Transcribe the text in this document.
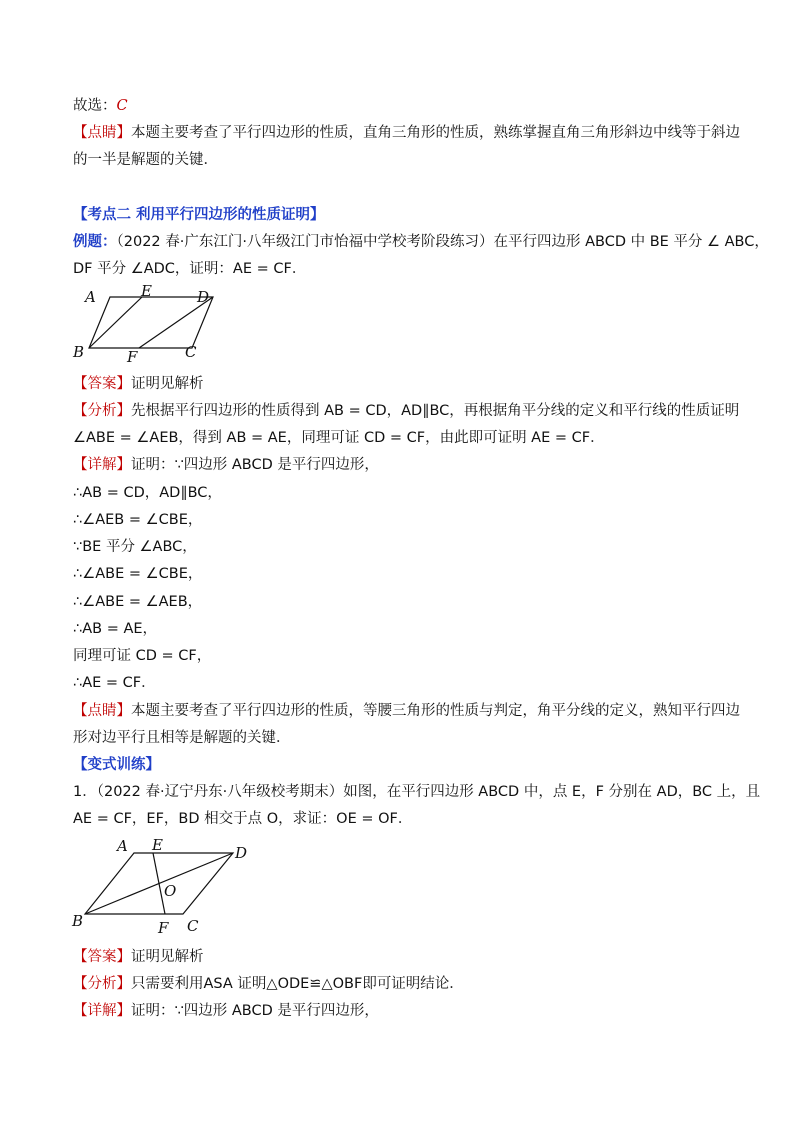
故选：C
【点睛】本题主要考查了平行四边形的性质，直角三角形的性质，熟练掌握直角三角形斜边中线等于斜边
的一半是解题的关键．
【考点二 利用平行四边形的性质证明】
例题：（2022 春·广东江门·八年级江门市怡福中学校考阶段练习）在平行四边形 ABCD 中 BE 平分 ∠ ABC，
DF 平分 ∠ADC，证明：AE = CF．
A	E	D
B	F	C
【答案】证明见解析
【分析】先根据平行四边形的性质得到 AB = CD，AD∥BC，再根据角平分线的定义和平行线的性质证明
∠ABE = ∠AEB，得到 AB = AE，同理可证 CD = CF，由此即可证明 AE = CF．
【详解】证明：∵四边形 ABCD 是平行四边形，
∴AB = CD，AD∥BC，
∴∠AEB = ∠CBE，
∵BE 平分 ∠ABC，
∴∠ABE = ∠CBE，
∴∠ABE = ∠AEB，
∴AB = AE，
同理可证 CD = CF，
∴AE = CF．
【点睛】本题主要考查了平行四边形的性质，等腰三角形的性质与判定，角平分线的定义，熟知平行四边
形对边平行且相等是解题的关键．
【变式训练】
1．（2022 春·辽宁丹东·八年级校考期末）如图，在平行四边形 ABCD 中，点 E，F 分别在 AD，BC 上，且
AE = CF，EF，BD 相交于点 O，求证：OE = OF．
A E	D
O
B	F C
【答案】证明见解析
【分析】只需要利用ASA 证明△ODE≌△OBF即可证明结论．
【详解】证明：∵四边形 ABCD 是平行四边形，
